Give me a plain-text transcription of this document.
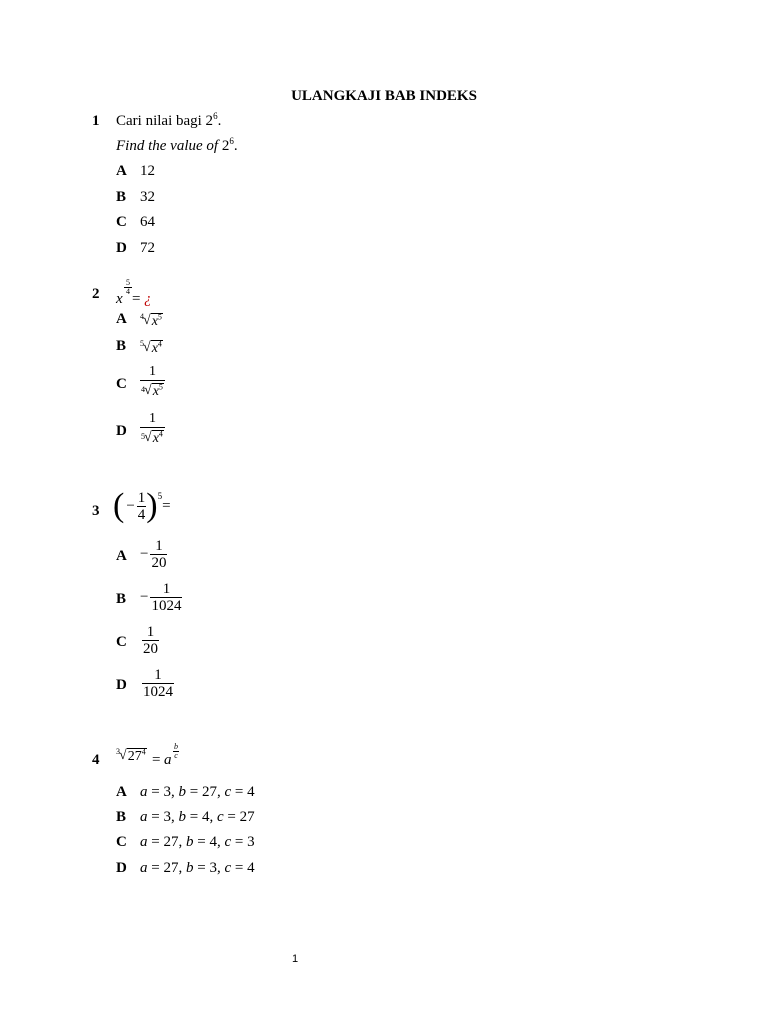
ULANGKAJI BAB INDEKS
1 Cari nilai bagi $2^6$.
Find the value of $2^6$.
A 12
B 32
C 64
D 72
2 x
5
4 = ¿
A 4 √ $x^5$
B 5 √ $x^4$
C $\frac{1}{4 √ x^5}$
D $\frac{1}{5 √ x^4}$
3 ( − $\frac{1}{4}$ ) 5
=
$A - \frac{1}{20}$
$B - \frac{1}{1024}$
C $\frac{1}{20}$
D $\frac{1}{1024}$
4
3 √ $27^4$
= a
b
c
A a = 3, b = 27, c = 4
B a = 3, b = 4, c = 27
C a = 27, b = 4, c = 3
D a = 27, b = 3, c = 4
1
